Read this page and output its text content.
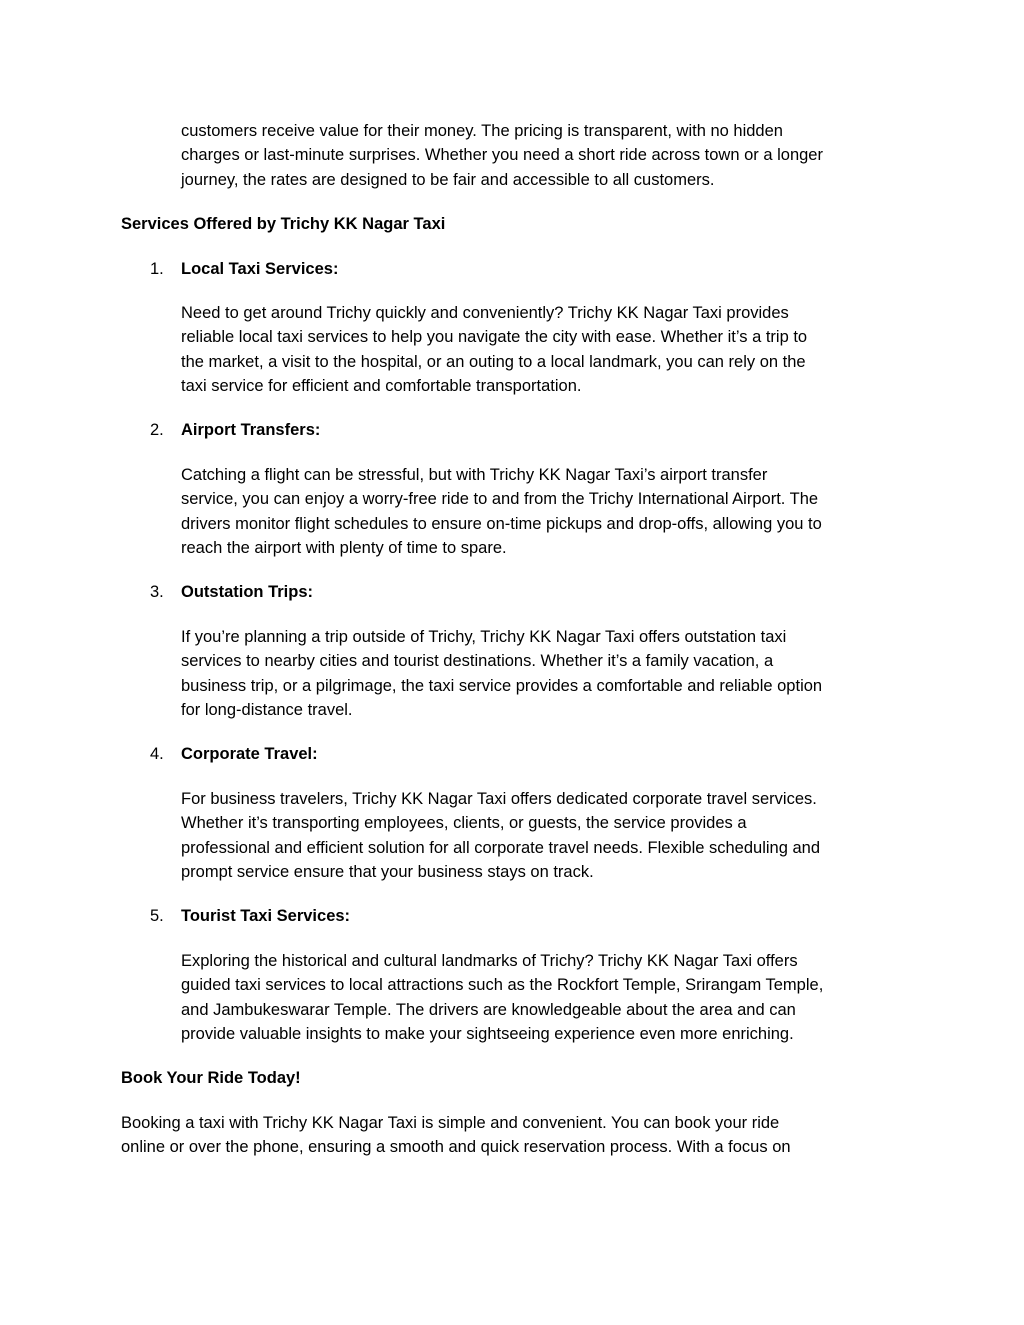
customers receive value for their money. The pricing is transparent, with no hidden
charges or last-minute surprises. Whether you need a short ride across town or a longer
journey, the rates are designed to be fair and accessible to all customers.

Services Offered by Trichy KK Nagar Taxi

1. Local Taxi Services:

Need to get around Trichy quickly and conveniently? Trichy KK Nagar Taxi provides
reliable local taxi services to help you navigate the city with ease. Whether it’s a trip to
the market, a visit to the hospital, or an outing to a local landmark, you can rely on the
taxi service for efficient and comfortable transportation.

2. Airport Transfers:

Catching a flight can be stressful, but with Trichy KK Nagar Taxi’s airport transfer
service, you can enjoy a worry-free ride to and from the Trichy International Airport. The
drivers monitor flight schedules to ensure on-time pickups and drop-offs, allowing you to
reach the airport with plenty of time to spare.

3. Outstation Trips:

If you’re planning a trip outside of Trichy, Trichy KK Nagar Taxi offers outstation taxi
services to nearby cities and tourist destinations. Whether it’s a family vacation, a
business trip, or a pilgrimage, the taxi service provides a comfortable and reliable option
for long-distance travel.

4. Corporate Travel:

For business travelers, Trichy KK Nagar Taxi offers dedicated corporate travel services.
Whether it’s transporting employees, clients, or guests, the service provides a
professional and efficient solution for all corporate travel needs. Flexible scheduling and
prompt service ensure that your business stays on track.

5. Tourist Taxi Services:

Exploring the historical and cultural landmarks of Trichy? Trichy KK Nagar Taxi offers
guided taxi services to local attractions such as the Rockfort Temple, Srirangam Temple,
and Jambukeswarar Temple. The drivers are knowledgeable about the area and can
provide valuable insights to make your sightseeing experience even more enriching.

Book Your Ride Today!

Booking a taxi with Trichy KK Nagar Taxi is simple and convenient. You can book your ride
online or over the phone, ensuring a smooth and quick reservation process. With a focus on
